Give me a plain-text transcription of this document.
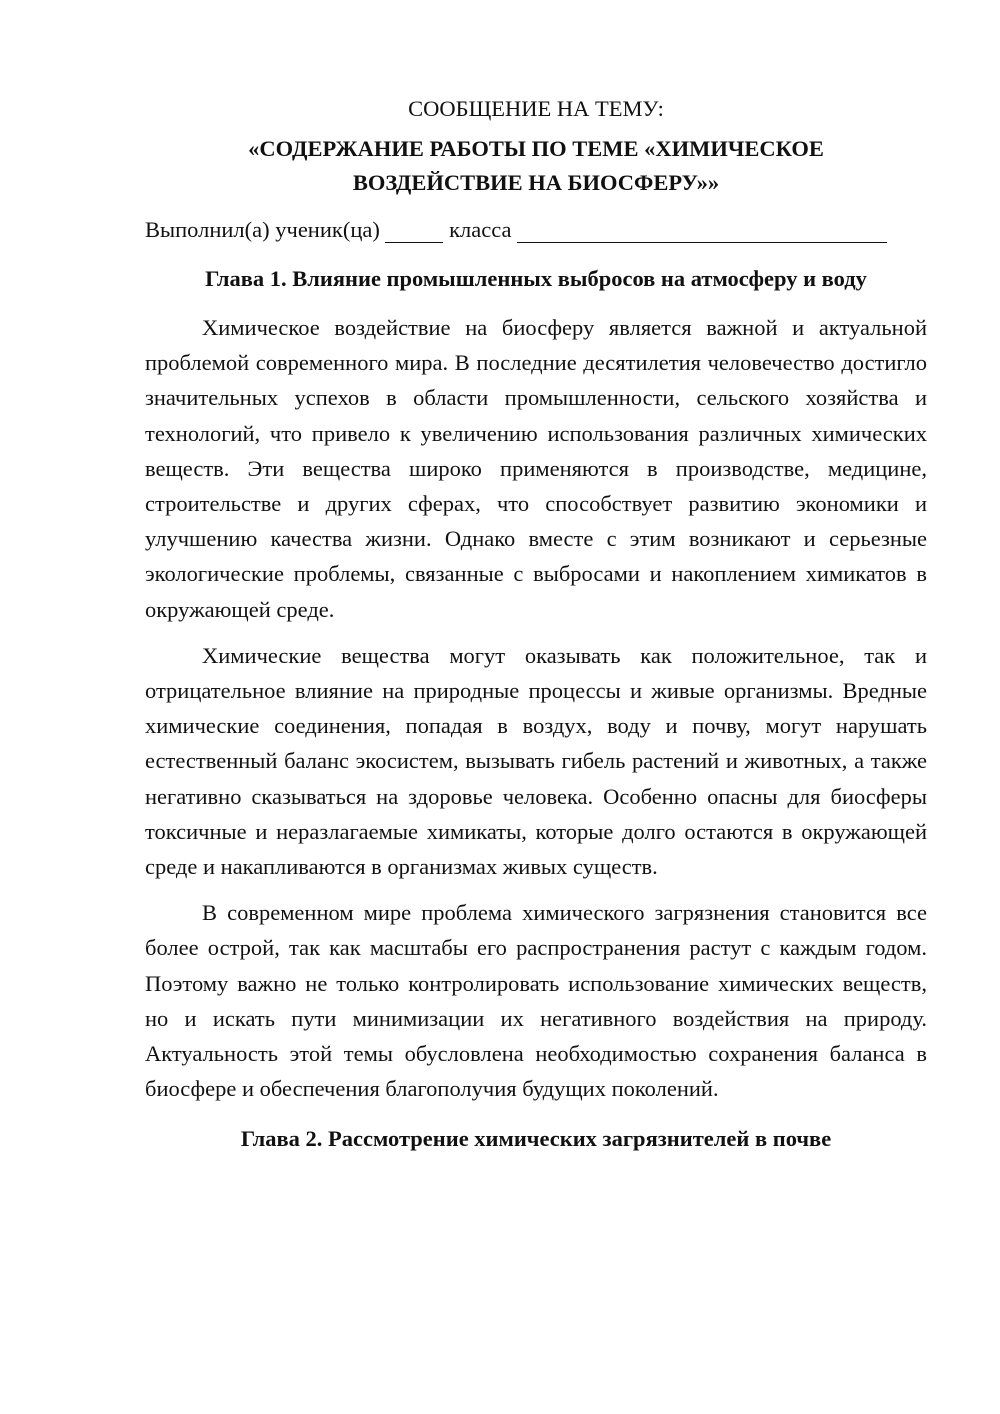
СООБЩЕНИЕ НА ТЕМУ:
«СОДЕРЖАНИЕ РАБОТЫ ПО ТЕМЕ «ХИМИЧЕСКОЕ
ВОЗДЕЙСТВИЕ НА БИОСФЕРУ»»
Выполнил(а) ученик(ца)	класса
Глава 1. Влияние промышленных выбросов на атмосферу и воду

Химическое воздействие на биосферу является важной и актуальной проблемой современного мира. В последние десятилетия человечество достигло значительных успехов в области промышленности, сельского хозяйства и технологий, что привело к увеличению использования различных химических веществ. Эти вещества широко применяются в производстве, медицине, строительстве и других сферах, что способствует развитию экономики и улучшению качества жизни. Однако вместе с этим возникают и серьезные экологические проблемы, связанные с выбросами и накоплением химикатов в окружающей среде.

Химические вещества могут оказывать как положительное, так и отрицательное влияние на природные процессы и живые организмы. Вредные химические соединения, попадая в воздух, воду и почву, могут нарушать естественный баланс экосистем, вызывать гибель растений и животных, а также негативно сказываться на здоровье человека. Особенно опасны для биосферы токсичные и неразлагаемые химикаты, которые долго остаются в окружающей среде и накапливаются в организмах живых существ.

В современном мире проблема химического загрязнения становится все более острой, так как масштабы его распространения растут с каждым годом. Поэтому важно не только контролировать использование химических веществ, но и искать пути минимизации их негативного воздействия на природу. Актуальность этой темы обусловлена необходимостью сохранения баланса в биосфере и обеспечения благополучия будущих поколений.

Глава 2. Рассмотрение химических загрязнителей в почве
